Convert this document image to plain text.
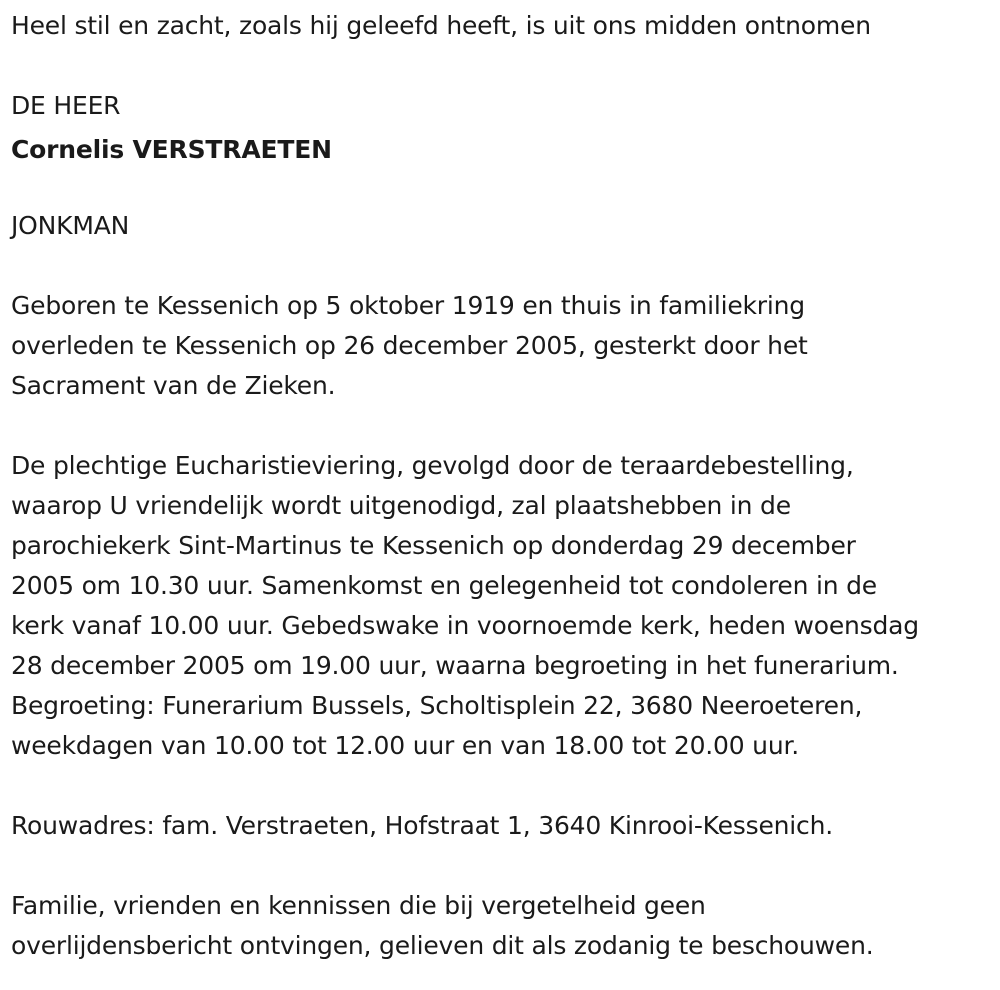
Heel stil en zacht, zoals hij geleefd heeft, is uit ons midden ontnomen
DE HEER
Cornelis VERSTRAETEN
JONKMAN
Geboren te Kessenich op 5 oktober 1919 en thuis in familiekring
overleden te Kessenich op 26 december 2005, gesterkt door het
Sacrament van de Zieken.
De plechtige Eucharistieviering, gevolgd door de teraardebestelling,
waarop U vriendelijk wordt uitgenodigd, zal plaatshebben in de
parochiekerk Sint-Martinus te Kessenich op donderdag 29 december
2005 om 10.30 uur. Samenkomst en gelegenheid tot condoleren in de
kerk vanaf 10.00 uur. Gebedswake in voornoemde kerk, heden woensdag
28 december 2005 om 19.00 uur, waarna begroeting in het funerarium.
Begroeting: Funerarium Bussels, Scholtisplein 22, 3680 Neeroeteren,
weekdagen van 10.00 tot 12.00 uur en van 18.00 tot 20.00 uur.
Rouwadres: fam. Verstraeten, Hofstraat 1, 3640 Kinrooi-Kessenich.
Familie, vrienden en kennissen die bij vergetelheid geen
overlijdensbericht ontvingen, gelieven dit als zodanig te beschouwen.
